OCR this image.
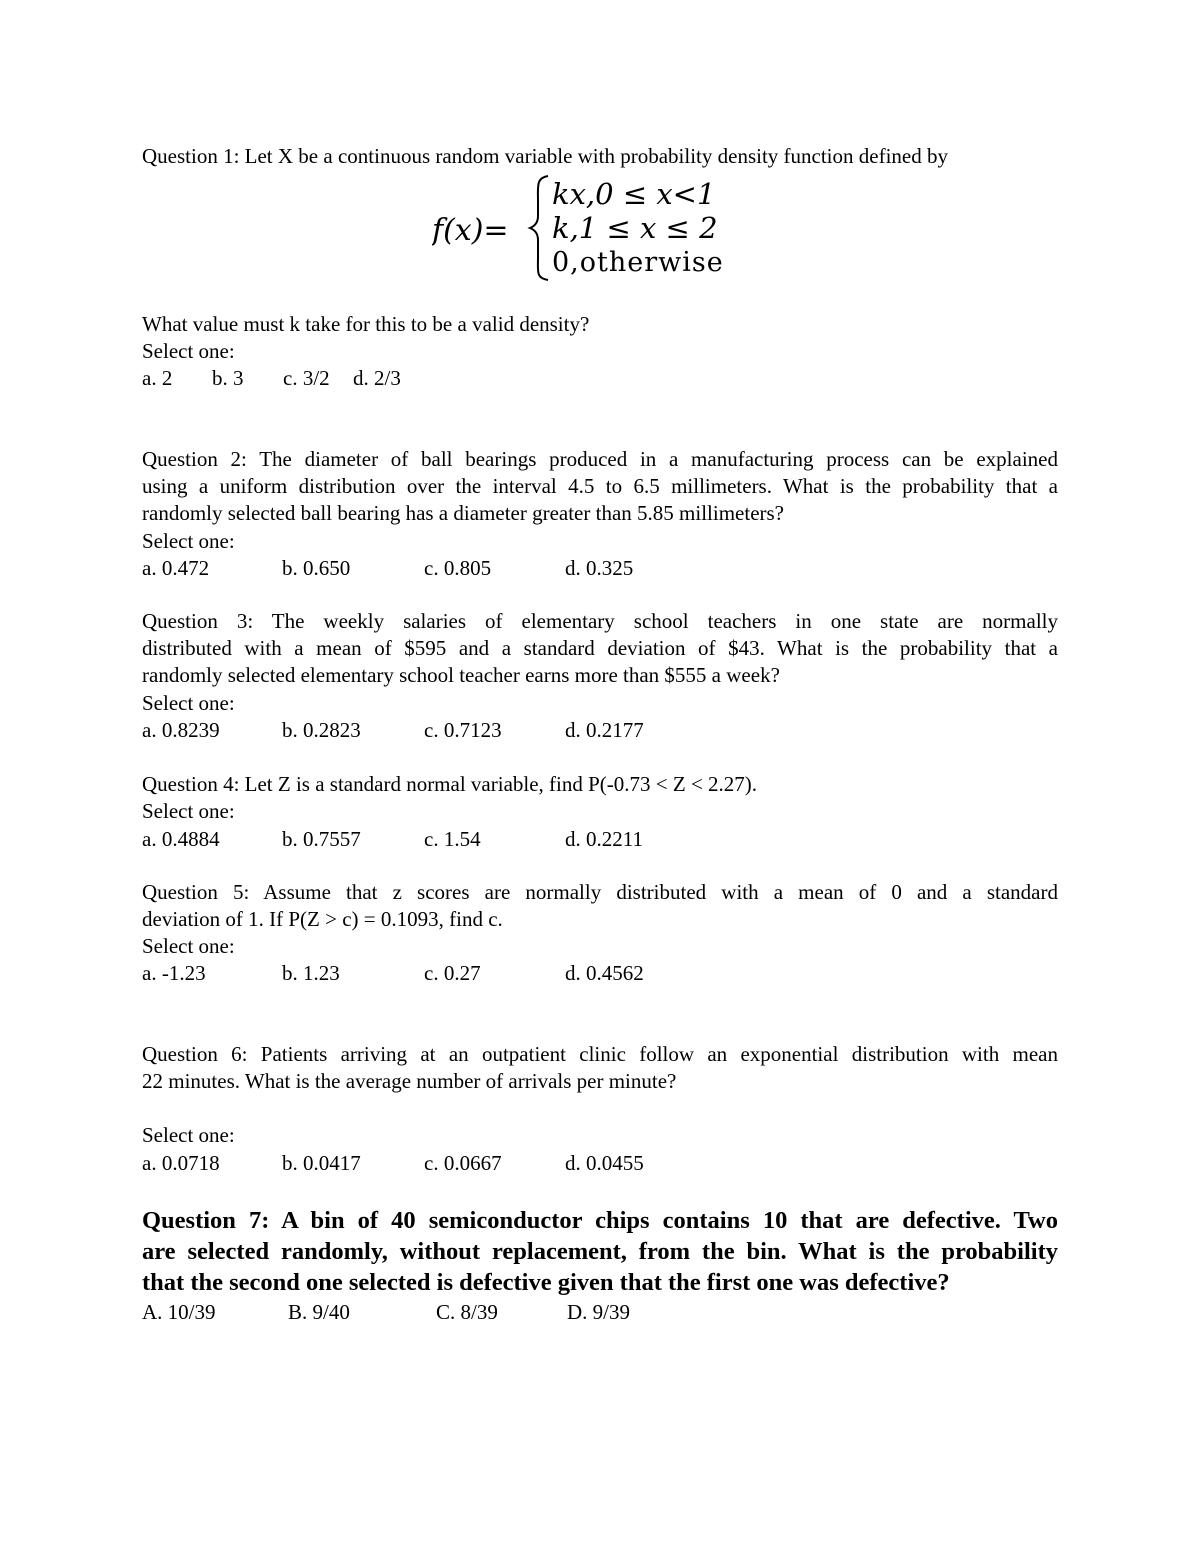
Question 1: Let X be a continuous random variable with probability density function defined by
f(x)=
kx,0 ≤ x<1
k,1 ≤ x ≤ 2
0,otherwise
What value must k take for this to be a valid density?
Select one:
a. 2 b. 3 c. 3/2 d. 2/3
Question 2: The diameter of ball bearings produced in a manufacturing process can be explained
using a uniform distribution over the interval 4.5 to 6.5 millimeters. What is the probability that a
randomly selected ball bearing has a diameter greater than 5.85 millimeters?
Select one:
a. 0.472	b. 0.650	c. 0.805	d. 0.325
Question 3: The weekly salaries of elementary school teachers in one state are normally
distributed with a mean of $595 and a standard deviation of $43. What is the probability that a
randomly selected elementary school teacher earns more than $555 a week?
Select one:
a. 0.8239	b. 0.2823	c. 0.7123	d. 0.2177
Question 4: Let Z is a standard normal variable, find P(-0.73 < Z < 2.27).
Select one:
a. 0.4884	b. 0.7557	c. 1.54	d. 0.2211
Question 5: Assume that z scores are normally distributed with a mean of 0 and a standard
deviation of 1. If P(Z > c) = 0.1093, find c.
Select one:
a. -1.23	b. 1.23	c. 0.27	d. 0.4562
Question 6: Patients arriving at an outpatient clinic follow an exponential distribution with mean
22 minutes. What is the average number of arrivals per minute?
Select one:
a. 0.0718	b. 0.0417	c. 0.0667	d. 0.0455
Question 7: A bin of 40 semiconductor chips contains 10 that are defective. Two
are selected randomly, without replacement, from the bin. What is the probability
that the second one selected is defective given that the first one was defective?
A. 10/39	B. 9/40	C. 8/39	D. 9/39
